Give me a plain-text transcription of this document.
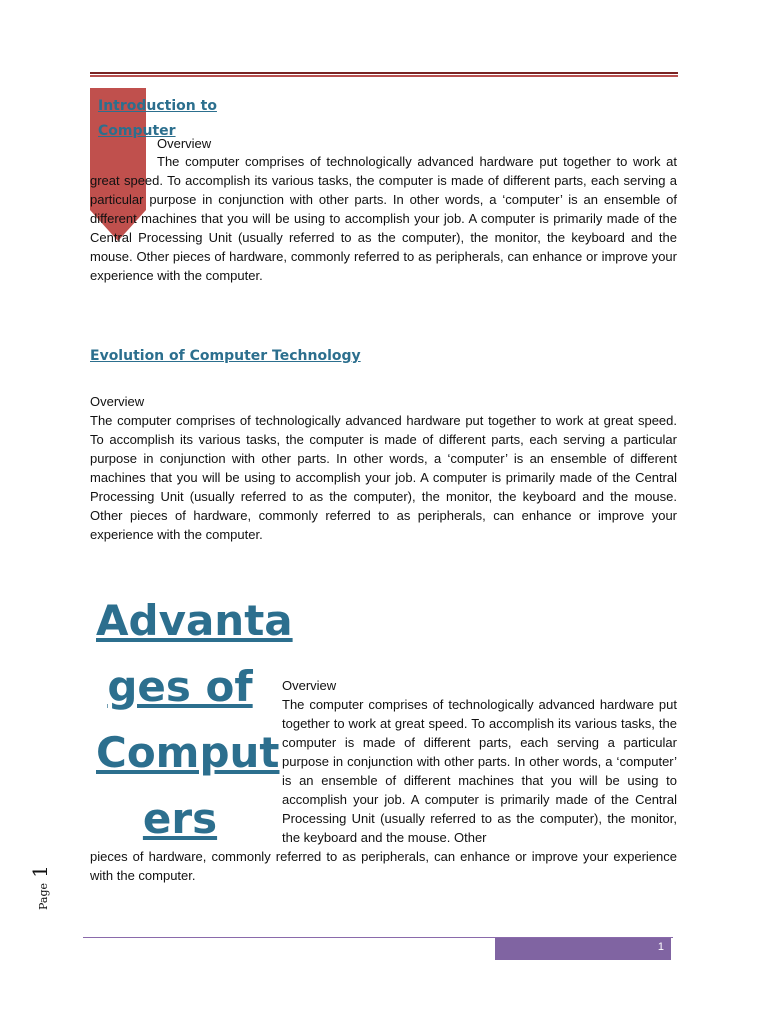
Introduction to Computer

Overview

The computer comprises of technologically advanced hardware put together to work at great speed. To accomplish its various tasks, the computer is made of different parts, each serving a particular purpose in conjunction with other parts. In other words, a ‘computer’ is an ensemble of different machines that you will be using to accomplish your job. A computer is primarily made of the Central Processing Unit (usually referred to as the computer), the monitor, the keyboard and the mouse. Other pieces of hardware, commonly referred to as peripherals, can enhance or improve your experience with the computer.

Evolution of Computer Technology

Overview

The computer comprises of technologically advanced hardware put together to work at great speed. To accomplish its various tasks, the computer is made of different parts, each serving a particular purpose in conjunction with other parts. In other words, a ‘computer’ is an ensemble of different machines that you will be using to accomplish your job. A computer is primarily made of the Central Processing Unit (usually referred to as the computer), the monitor, the keyboard and the mouse. Other pieces of hardware, commonly referred to as peripherals, can enhance or improve your experience with the computer.

Advanta
ges of
Comput
ers

Overview

The computer comprises of technologically advanced hardware put together to work at great speed. To accomplish its various tasks, the computer is made of different parts, each serving a particular purpose in conjunction with other parts. In other words, a ‘computer’ is an ensemble of different machines that you will be using to accomplish your job. A computer is primarily made of the Central Processing Unit (usually referred to as the computer), the monitor, the keyboard and the mouse. Other

pieces of hardware, commonly referred to as peripherals, can enhance or improve your experience with the computer.

Page 1
1
